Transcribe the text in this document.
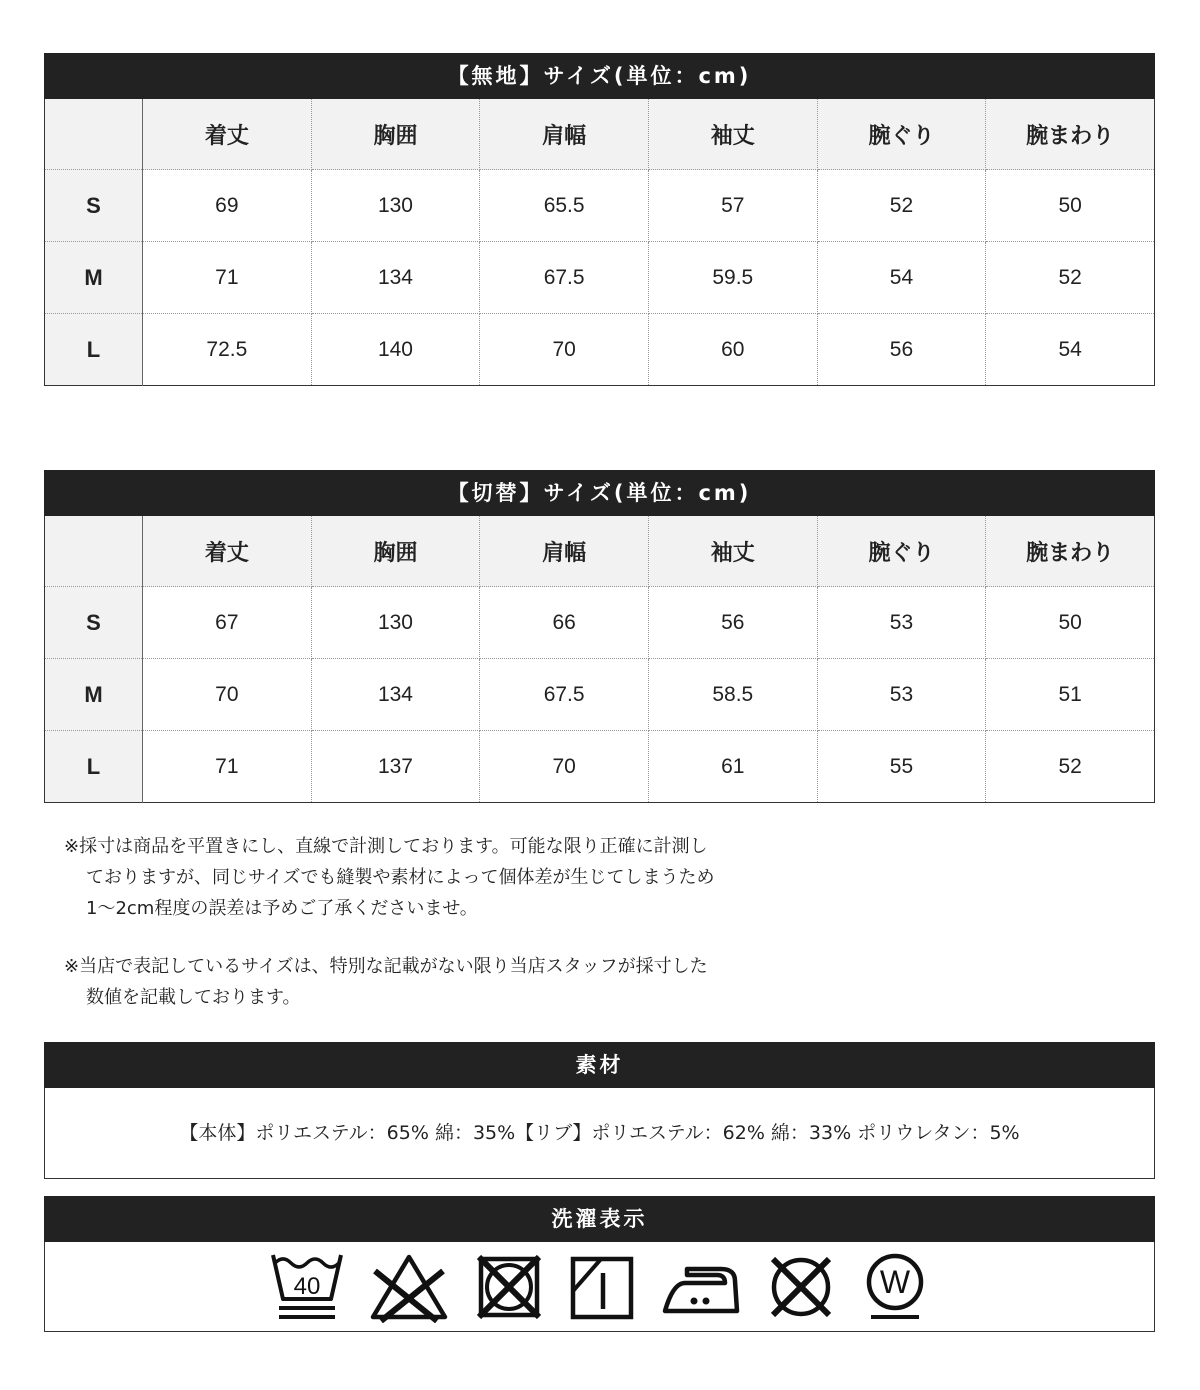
【無地】サイズ(単位：cm)
	着丈	胸囲	肩幅	袖丈	腕ぐり	腕まわり
S	69	130	65.5	57	52	50
M	71	134	67.5	59.5	54	52
L	72.5	140	70	60	56	54
【切替】サイズ(単位：cm)
	着丈	胸囲	肩幅	袖丈	腕ぐり	腕まわり
S	67	130	66	56	53	50
M	70	134	67.5	58.5	53	51
L	71	137	70	61	55	52

※採寸は商品を平置きにし、直線で計測しております。可能な限り正確に計測し

ておりますが、同じサイズでも縫製や素材によって個体差が生じてしまうため

1〜2cm程度の誤差は予めご了承くださいませ。

※当店で表記しているサイズは、特別な記載がない限り当店スタッフが採寸した

数値を記載しております。

素材
【本体】ポリエステル：65% 綿：35%【リブ】ポリエステル：62% 綿：33% ポリウレタン：5%
洗濯表示
40	W
